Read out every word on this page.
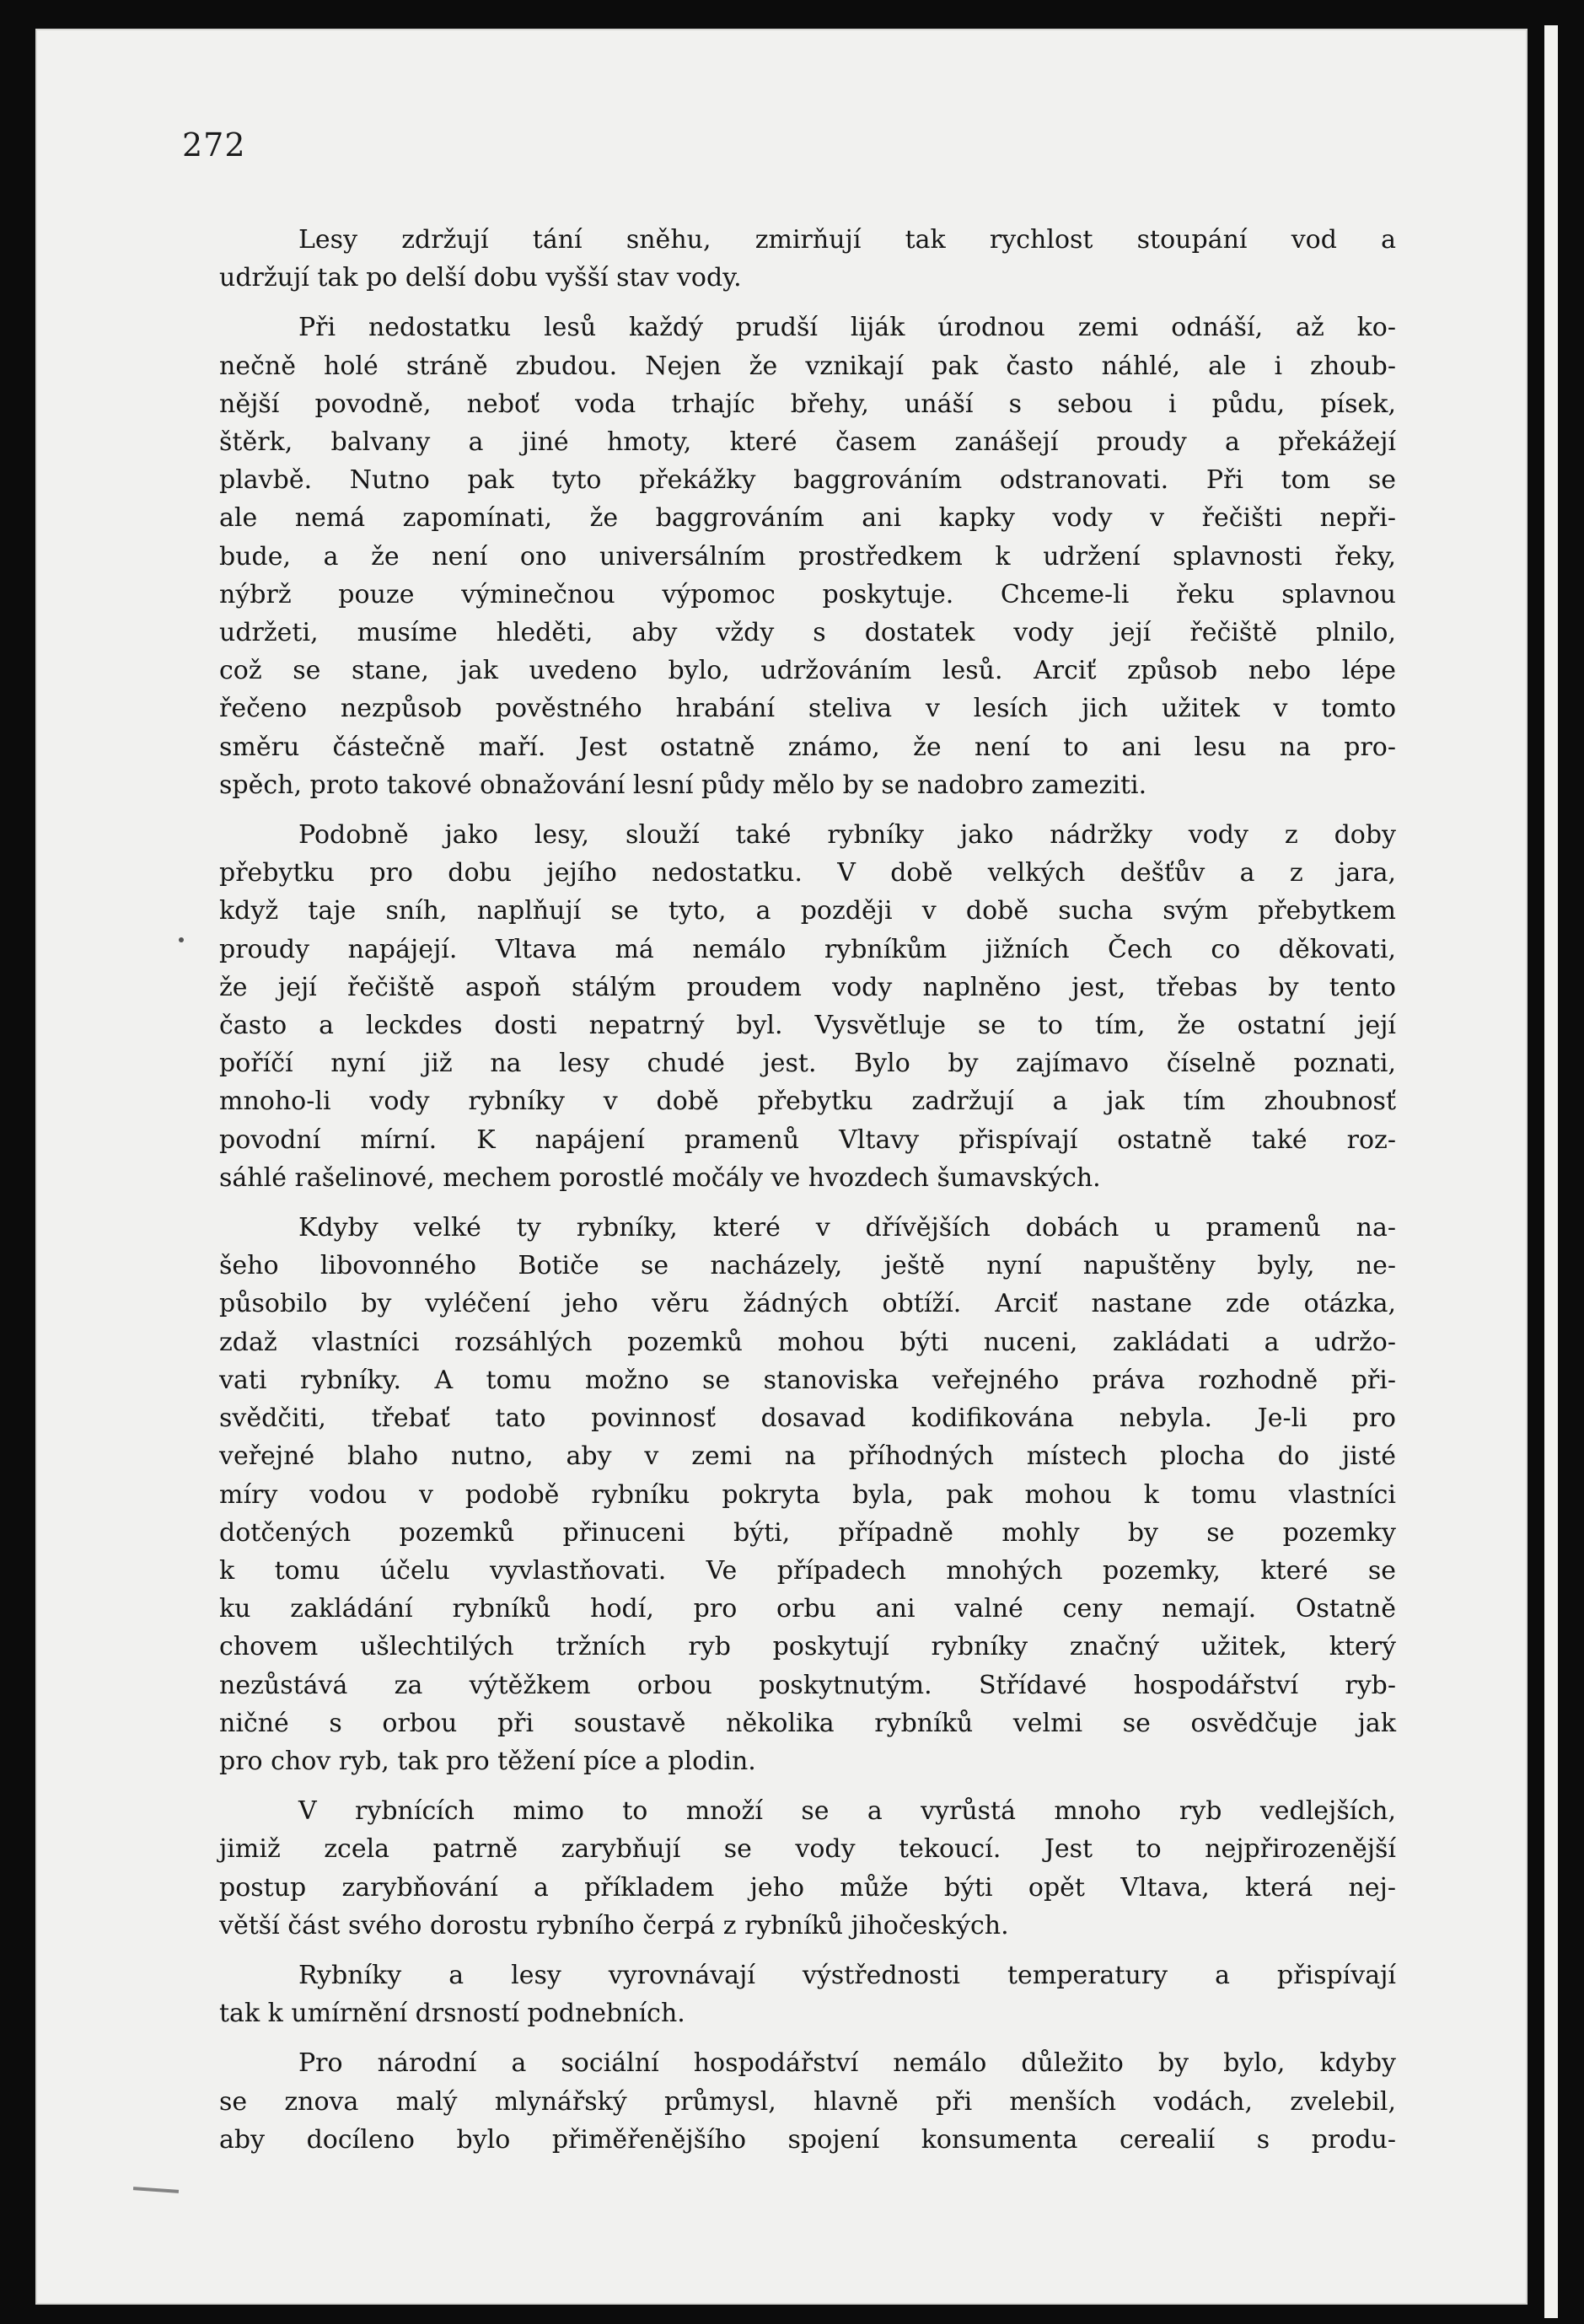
272

Lesy zdržují tání sněhu, zmirňují tak rychlost stoupání vod a
udržují tak po delší dobu vyšší stav vody.

Při nedostatku lesů každý prudší liják úrodnou zemi odnáší, až ko-
nečně holé stráně zbudou. Nejen že vznikají pak často náhlé, ale i zhoub-
nější povodně, neboť voda trhajíc břehy, unáší s sebou i půdu, písek,
štěrk, balvany a jiné hmoty, které časem zanášejí proudy a překážejí
plavbě. Nutno pak tyto překážky baggrováním odstranovati. Při tom se
ale nemá zapomínati, že baggrováním ani kapky vody v řečišti nepři-
bude, a že není ono universálním prostředkem k udržení splavnosti řeky,
nýbrž pouze výminečnou výpomoc poskytuje. Chceme-li řeku splavnou
udržeti, musíme hleděti, aby vždy s dostatek vody její řečiště plnilo,
což se stane, jak uvedeno bylo, udržováním lesů. Arciť způsob nebo lépe
řečeno nezpůsob pověstného hrabání steliva v lesích jich užitek v tomto
směru částečně maří. Jest ostatně známo, že není to ani lesu na pro-
spěch, proto takové obnažování lesní půdy mělo by se nadobro zameziti.

Podobně jako lesy, slouží také rybníky jako nádržky vody z doby
přebytku pro dobu jejího nedostatku. V době velkých dešťův a z jara,
když taje sníh, naplňují se tyto, a později v době sucha svým přebytkem
proudy napájejí. Vltava má nemálo rybníkům jižních Čech co děkovati,
že její řečiště aspoň stálým proudem vody naplněno jest, třebas by tento
často a leckdes dosti nepatrný byl. Vysvětluje se to tím, že ostatní její
poříčí nyní již na lesy chudé jest. Bylo by zajímavo číselně poznati,
mnoho-li vody rybníky v době přebytku zadržují a jak tím zhoubnosť
povodní mírní. K napájení pramenů Vltavy přispívají ostatně také roz-
sáhlé rašelinové, mechem porostlé močály ve hvozdech šumavských.

Kdyby velké ty rybníky, které v dřívějších dobách u pramenů na-
šeho libovonného Botiče se nacházely, ještě nyní napuštěny byly, ne-
působilo by vyléčení jeho věru žádných obtíží. Arciť nastane zde otázka,
zdaž vlastníci rozsáhlých pozemků mohou býti nuceni, zakládati a udržo-
vati rybníky. A tomu možno se stanoviska veřejného práva rozhodně při-
svědčiti, třebať tato povinnosť dosavad kodifikována nebyla. Je-li pro
veřejné blaho nutno, aby v zemi na příhodných místech plocha do jisté
míry vodou v podobě rybníku pokryta byla, pak mohou k tomu vlastníci
dotčených pozemků přinuceni býti, případně mohly by se pozemky
k tomu účelu vyvlastňovati. Ve případech mnohých pozemky, které se
ku zakládání rybníků hodí, pro orbu ani valné ceny nemají. Ostatně
chovem ušlechtilých tržních ryb poskytují rybníky značný užitek, který
nezůstává za výtěžkem orbou poskytnutým. Střídavé hospodářství ryb-
ničné s orbou při soustavě několika rybníků velmi se osvědčuje jak
pro chov ryb, tak pro těžení píce a plodin.

V rybnících mimo to množí se a vyrůstá mnoho ryb vedlejších,
jimiž zcela patrně zarybňují se vody tekoucí. Jest to nejpřirozenější
postup zarybňování a příkladem jeho může býti opět Vltava, která nej-
větší část svého dorostu rybního čerpá z rybníků jihočeských.

Rybníky a lesy vyrovnávají výstřednosti temperatury a přispívají
tak k umírnění drsností podnebních.

Pro národní a sociální hospodářství nemálo důležito by bylo, kdyby
se znova malý mlynářský průmysl, hlavně při menších vodách, zvelebil,
aby docíleno bylo přiměřenějšího spojení konsumenta cerealií s produ-
